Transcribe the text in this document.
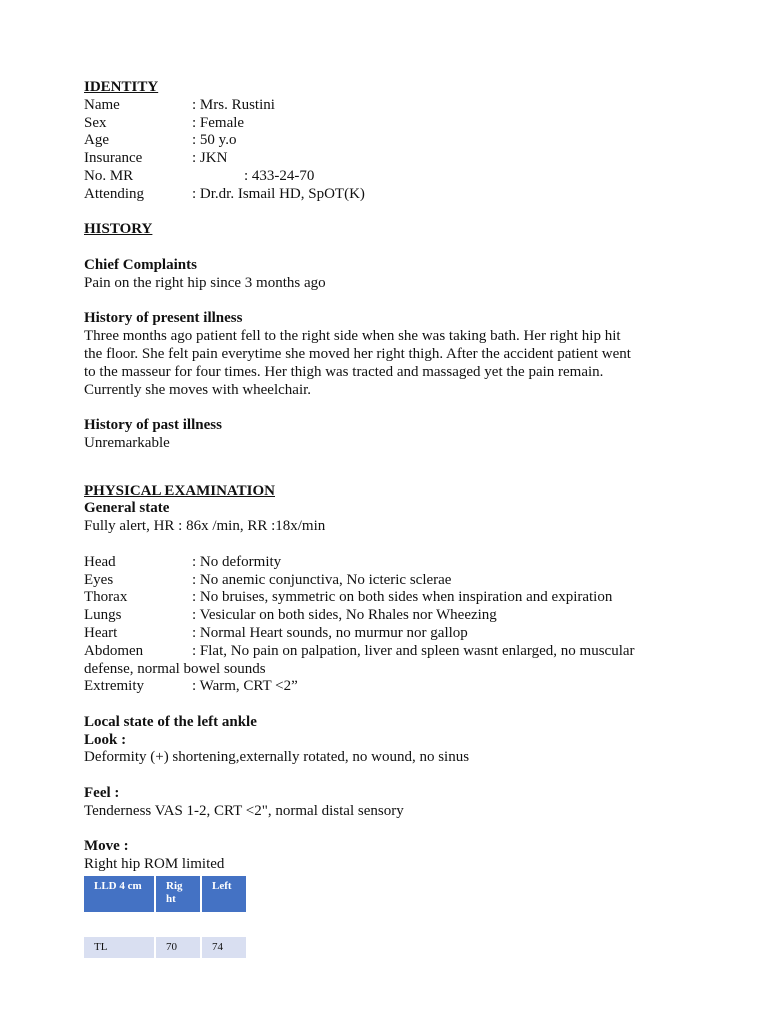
IDENTITY
Name	: Mrs. Rustini
Sex	: Female
Age	: 50 y.o
Insurance	: JKN
No. MR	: 433-24-70
Attending	: Dr.dr. Ismail HD, SpOT(K)
HISTORY
Chief Complaints
Pain on the right hip since 3 months ago
History of present illness
Three months ago patient fell to the right side when she was taking bath. Her right hip hit
the floor. She felt pain everytime she moved her right thigh. After the accident patient went
to the masseur for four times. Her thigh was tracted and massaged yet the pain remain.
Currently she moves with wheelchair.
History of past illness
Unremarkable
PHYSICAL EXAMINATION
General state
Fully alert, HR : 86x /min, RR :18x/min
Head	: No deformity
Eyes	: No anemic conjunctiva, No icteric sclerae
Thorax	: No bruises, symmetric on both sides when inspiration and expiration
Lungs	: Vesicular on both sides, No Rhales nor Wheezing
Heart	: Normal Heart sounds, no murmur nor gallop
Abdomen	: Flat, No pain on palpation, liver and spleen wasnt enlarged, no muscular
defense, normal bowel sounds
Extremity	: Warm, CRT <2”
Local state of the left ankle
Look :
Deformity (+) shortening,externally rotated, no wound, no sinus
Feel :
Tenderness VAS 1-2, CRT <2", normal distal sensory
Move :
Right hip ROM limited
LLD 4 cm	Rig ht	Left

TL	70	74
